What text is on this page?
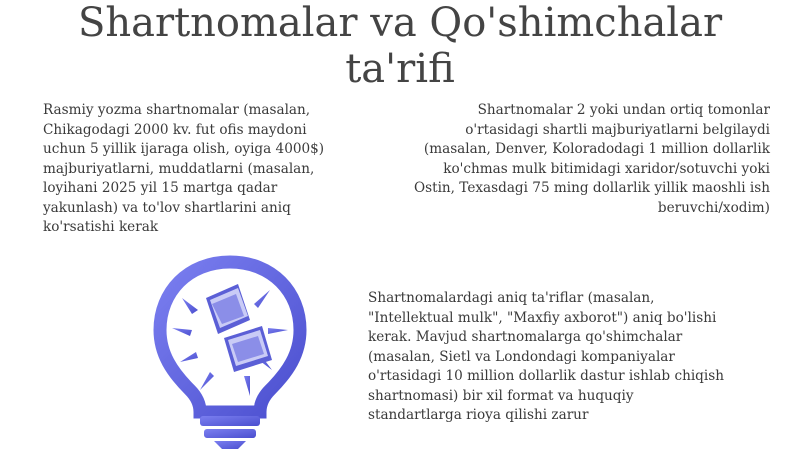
Shartnomalar va Qo'shimchalar
ta'rifi

Rasmiy yozma shartnomalar (masalan,
Chikagodagi 2000 kv. fut ofis maydoni
uchun 5 yillik ijaraga olish, oyiga 4000$)
majburiyatlarni, muddatlarni (masalan,
loyihani 2025 yil 15 martga qadar
yakunlash) va to'lov shartlarini aniq
ko'rsatishi kerak

Shartnomalar 2 yoki undan ortiq tomonlar
o'rtasidagi shartli majburiyatlarni belgilaydi
(masalan, Denver, Koloradodagi 1 million dollarlik
ko'chmas mulk bitimidagi xaridor/sotuvchi yoki
Ostin, Texasdagi 75 ming dollarlik yillik maoshli ish
beruvchi/xodim)

Shartnomalardagi aniq ta'riflar (masalan,
"Intellektual mulk", "Maxfiy axborot") aniq bo'lishi
kerak. Mavjud shartnomalarga qo'shimchalar
(masalan, Sietl va Londondagi kompaniyalar
o'rtasidagi 10 million dollarlik dastur ishlab chiqish
shartnomasi) bir xil format va huquqiy
standartlarga rioya qilishi zarur
